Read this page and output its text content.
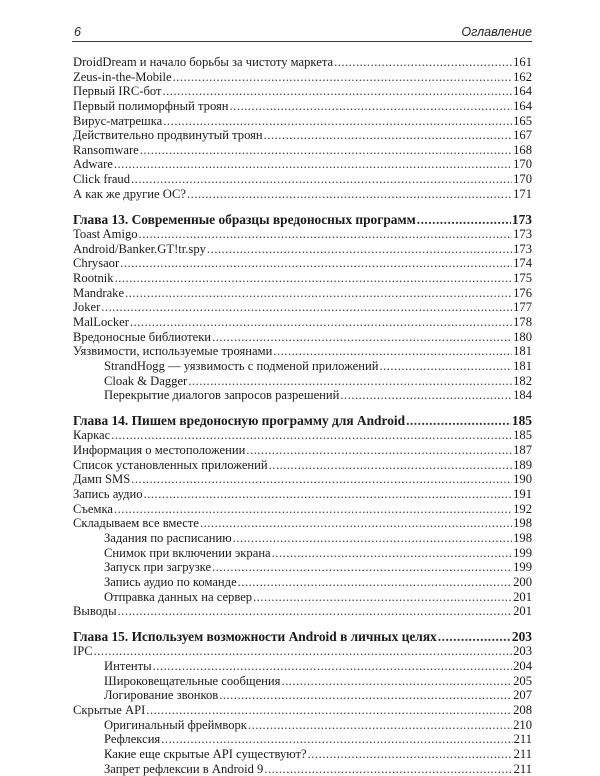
6	Оглавление
DroidDream и начало борьбы за чистоту маркета .....	161
Zeus-in-the-Mobile .....	162
Первый IRC-бот .....	164
Первый полиморфный троян .....	164
Вирус-матрешка .....	165
Действительно продвинутый троян .....	167
Ransomware .....	168
Adware .....	170
Click fraud .....	170
А как же другие ОС? .....	171
Глава 13. Современные образцы вредоносных программ .....	173
Toast Amigo .....	173
Android/Banker.GT!tr.spy .....	173
Chrysaor .....	174
Rootnik .....	175
Mandrake .....	176
Joker .....	177
MalLocker .....	178
Вредоносные библиотеки .....	180
Уязвимости, используемые троянами .....	181
StrandHogg — уязвимость с подменой приложений .....	181
Cloak & Dagger .....	182
Перекрытие диалогов запросов разрешений .....	184
Глава 14. Пишем вредоносную программу для Android .....	185
Каркас .....	185
Информация о местоположении .....	187
Список установленных приложений .....	189
Дамп SMS .....	190
Запись аудио .....	191
Съемка .....	192
Складываем все вместе .....	198
Задания по расписанию .....	198
Снимок при включении экрана .....	199
Запуск при загрузке .....	199
Запись аудио по команде .....	200
Отправка данных на сервер .....	201
Выводы .....	201
Глава 15. Используем возможности Android в личных целях .....	203
IPC .....	203
Интенты .....	204
Широковещательные сообщения .....	205
Логирование звонков .....	207
Скрытые API .....	208
Оригинальный фреймворк .....	210
Рефлексия .....	211
Какие еще скрытые API существуют? .....	211
Запрет рефлексии в Android 9 .....	211
